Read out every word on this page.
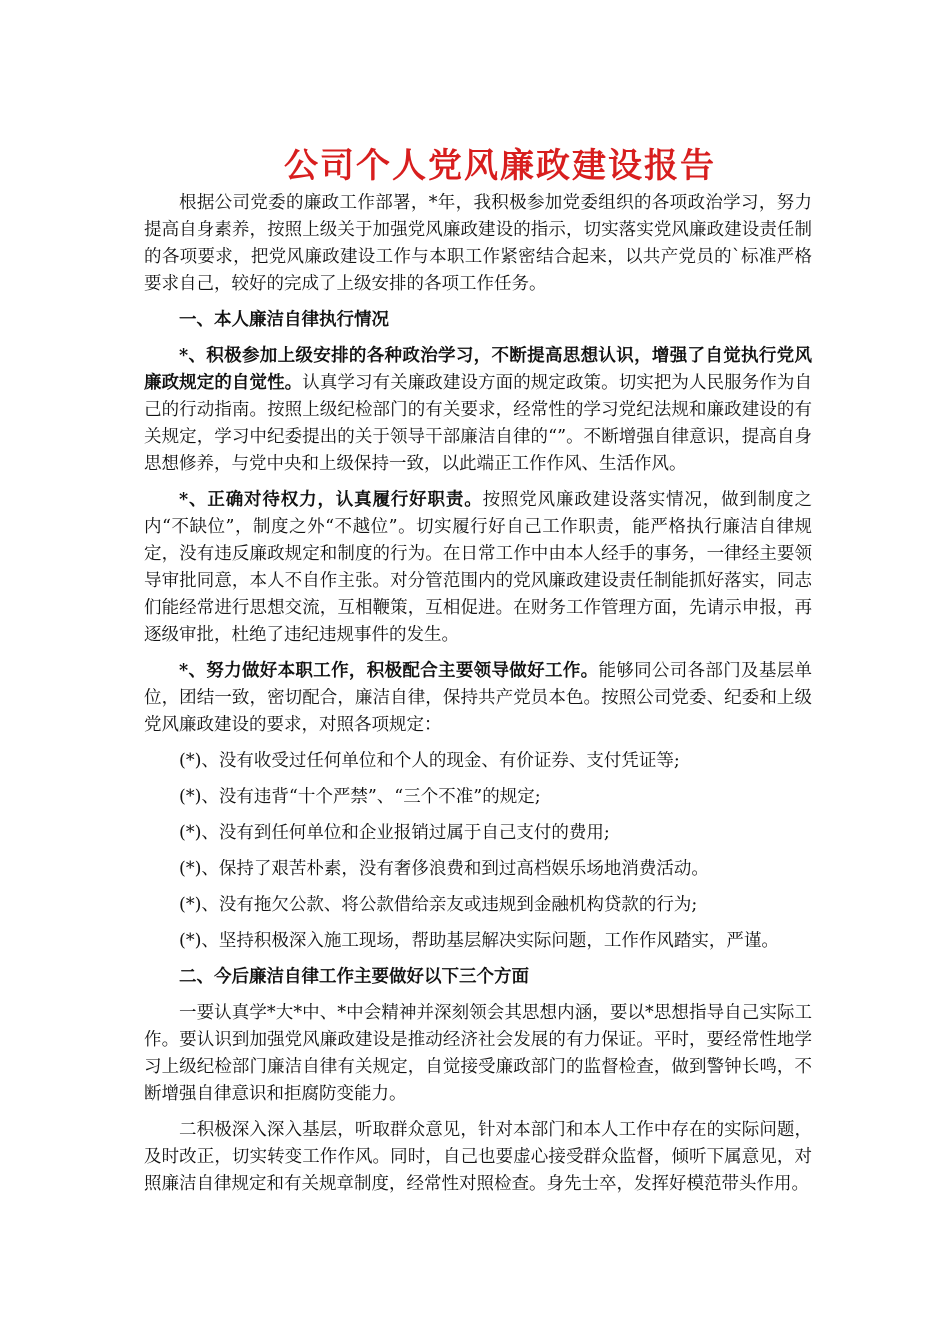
公司个人党风廉政建设报告

根据公司党委的廉政工作部署，*年，我积极参加党委组织的各项政治学习，努力提高自身素养，按照上级关于加强党风廉政建设的指示，切实落实党风廉政建设责任制的各项要求，把党风廉政建设工作与本职工作紧密结合起来，以共产党员的`标准严格要求自己，较好的完成了上级安排的各项工作任务。

一、本人廉洁自律执行情况

*、积极参加上级安排的各种政治学习，不断提高思想认识，增强了自觉执行党风廉政规定的自觉性。认真学习有关廉政建设方面的规定政策。切实把为人民服务作为自己的行动指南。按照上级纪检部门的有关要求，经常性的学习党纪法规和廉政建设的有关规定，学习中纪委提出的关于领导干部廉洁自律的“”。不断增强自律意识，提高自身思想修养，与党中央和上级保持一致，以此端正工作作风、生活作风。

*、正确对待权力，认真履行好职责。按照党风廉政建设落实情况，做到制度之内“不缺位”，制度之外“不越位”。切实履行好自己工作职责，能严格执行廉洁自律规定，没有违反廉政规定和制度的行为。在日常工作中由本人经手的事务，一律经主要领导审批同意，本人不自作主张。对分管范围内的党风廉政建设责任制能抓好落实，同志们能经常进行思想交流，互相鞭策，互相促进。在财务工作管理方面，先请示申报，再逐级审批，杜绝了违纪违规事件的发生。

*、努力做好本职工作，积极配合主要领导做好工作。能够同公司各部门及基层单位，团结一致，密切配合，廉洁自律，保持共产党员本色。按照公司党委、纪委和上级党风廉政建设的要求，对照各项规定：

(*)、没有收受过任何单位和个人的现金、有价证券、支付凭证等;

(*)、没有违背“十个严禁”、“三个不准”的规定;

(*)、没有到任何单位和企业报销过属于自己支付的费用;

(*)、保持了艰苦朴素，没有奢侈浪费和到过高档娱乐场地消费活动。

(*)、没有拖欠公款、将公款借给亲友或违规到金融机构贷款的行为;

(*)、坚持积极深入施工现场，帮助基层解决实际问题，工作作风踏实，严谨。

二、今后廉洁自律工作主要做好以下三个方面

一要认真学*大*中、*中会精神并深刻领会其思想内涵，要以*思想指导自己实际工作。要认识到加强党风廉政建设是推动经济社会发展的有力保证。平时，要经常性地学习上级纪检部门廉洁自律有关规定，自觉接受廉政部门的监督检查，做到警钟长鸣，不断增强自律意识和拒腐防变能力。

二积极深入深入基层，听取群众意见，针对本部门和本人工作中存在的实际问题，及时改正，切实转变工作作风。同时，自己也要虚心接受群众监督，倾听下属意见，对照廉洁自律规定和有关规章制度，经常性对照检查。身先士卒，发挥好模范带头作用。
